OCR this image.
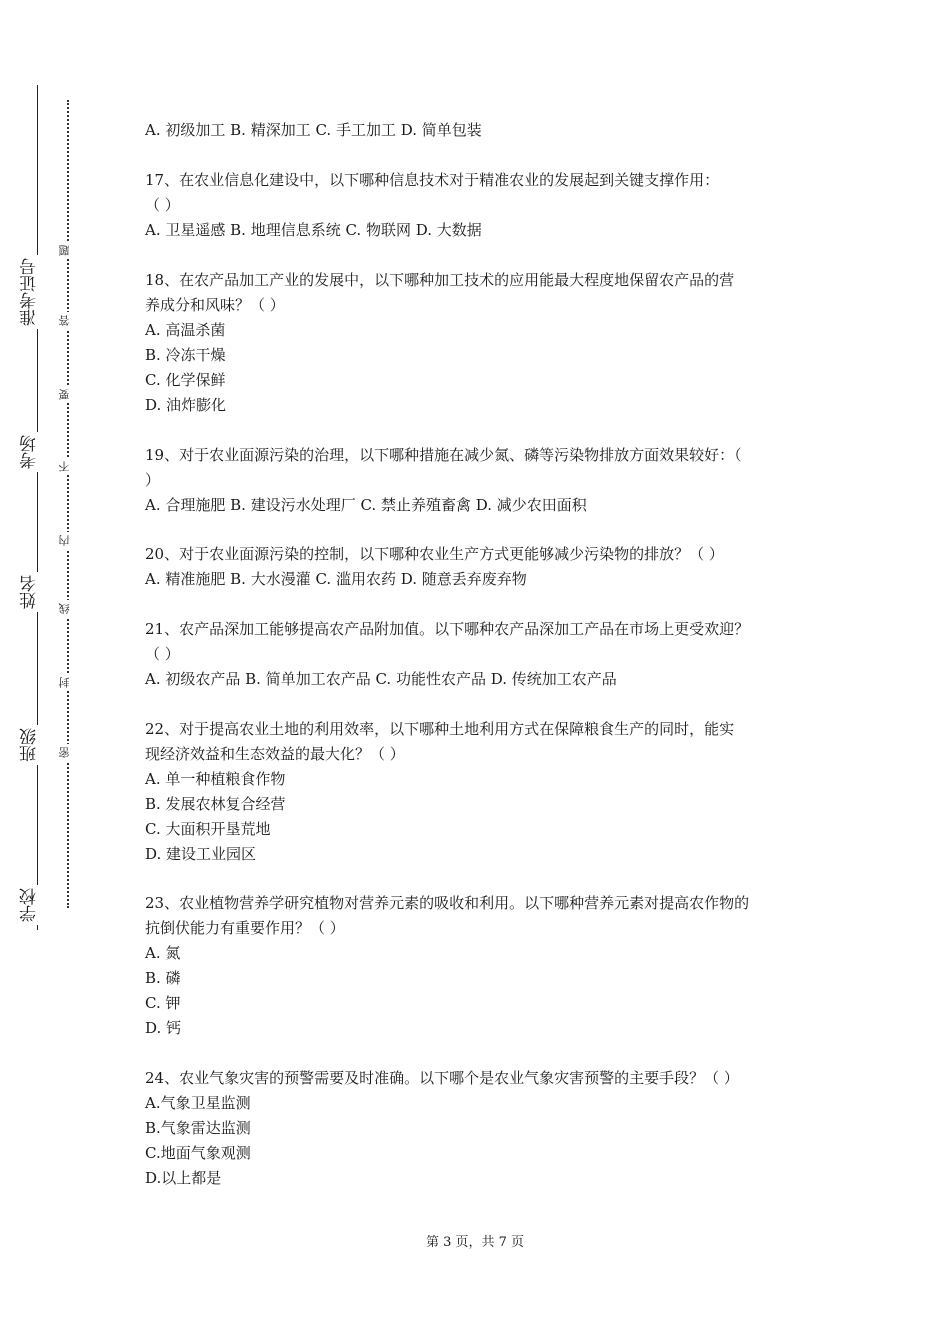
准考证号
考场
姓名
班级
学校
题
答
要
不
内
线
封
密
A. 初级加工 B. 精深加工 C. 手工加工 D. 简单包装
17、在农业信息化建设中，以下哪种信息技术对于精准农业的发展起到关键支撑作用：
（ ）
A. 卫星遥感 B. 地理信息系统 C. 物联网 D. 大数据
18、在农产品加工产业的发展中，以下哪种加工技术的应用能最大程度地保留农产品的营
养成分和风味？（ ）
A. 高温杀菌
B. 冷冻干燥
C. 化学保鲜
D. 油炸膨化
19、对于农业面源污染的治理，以下哪种措施在减少氮、磷等污染物排放方面效果较好：（
）
A. 合理施肥 B. 建设污水处理厂 C. 禁止养殖畜禽 D. 减少农田面积
20、对于农业面源污染的控制，以下哪种农业生产方式更能够减少污染物的排放？（ ）
A. 精准施肥 B. 大水漫灌 C. 滥用农药 D. 随意丢弃废弃物
21、农产品深加工能够提高农产品附加值。以下哪种农产品深加工产品在市场上更受欢迎？
（ ）
A. 初级农产品 B. 简单加工农产品 C. 功能性农产品 D. 传统加工农产品
22、对于提高农业土地的利用效率，以下哪种土地利用方式在保障粮食生产的同时，能实
现经济效益和生态效益的最大化？（ ）
A. 单一种植粮食作物
B. 发展农林复合经营
C. 大面积开垦荒地
D. 建设工业园区
23、农业植物营养学研究植物对营养元素的吸收和利用。以下哪种营养元素对提高农作物的
抗倒伏能力有重要作用？（ ）
A. 氮
B. 磷
C. 钾
D. 钙
24、农业气象灾害的预警需要及时准确。以下哪个是农业气象灾害预警的主要手段？（ ）
A.气象卫星监测
B.气象雷达监测
C.地面气象观测
D.以上都是
第 3 页，共 7 页
